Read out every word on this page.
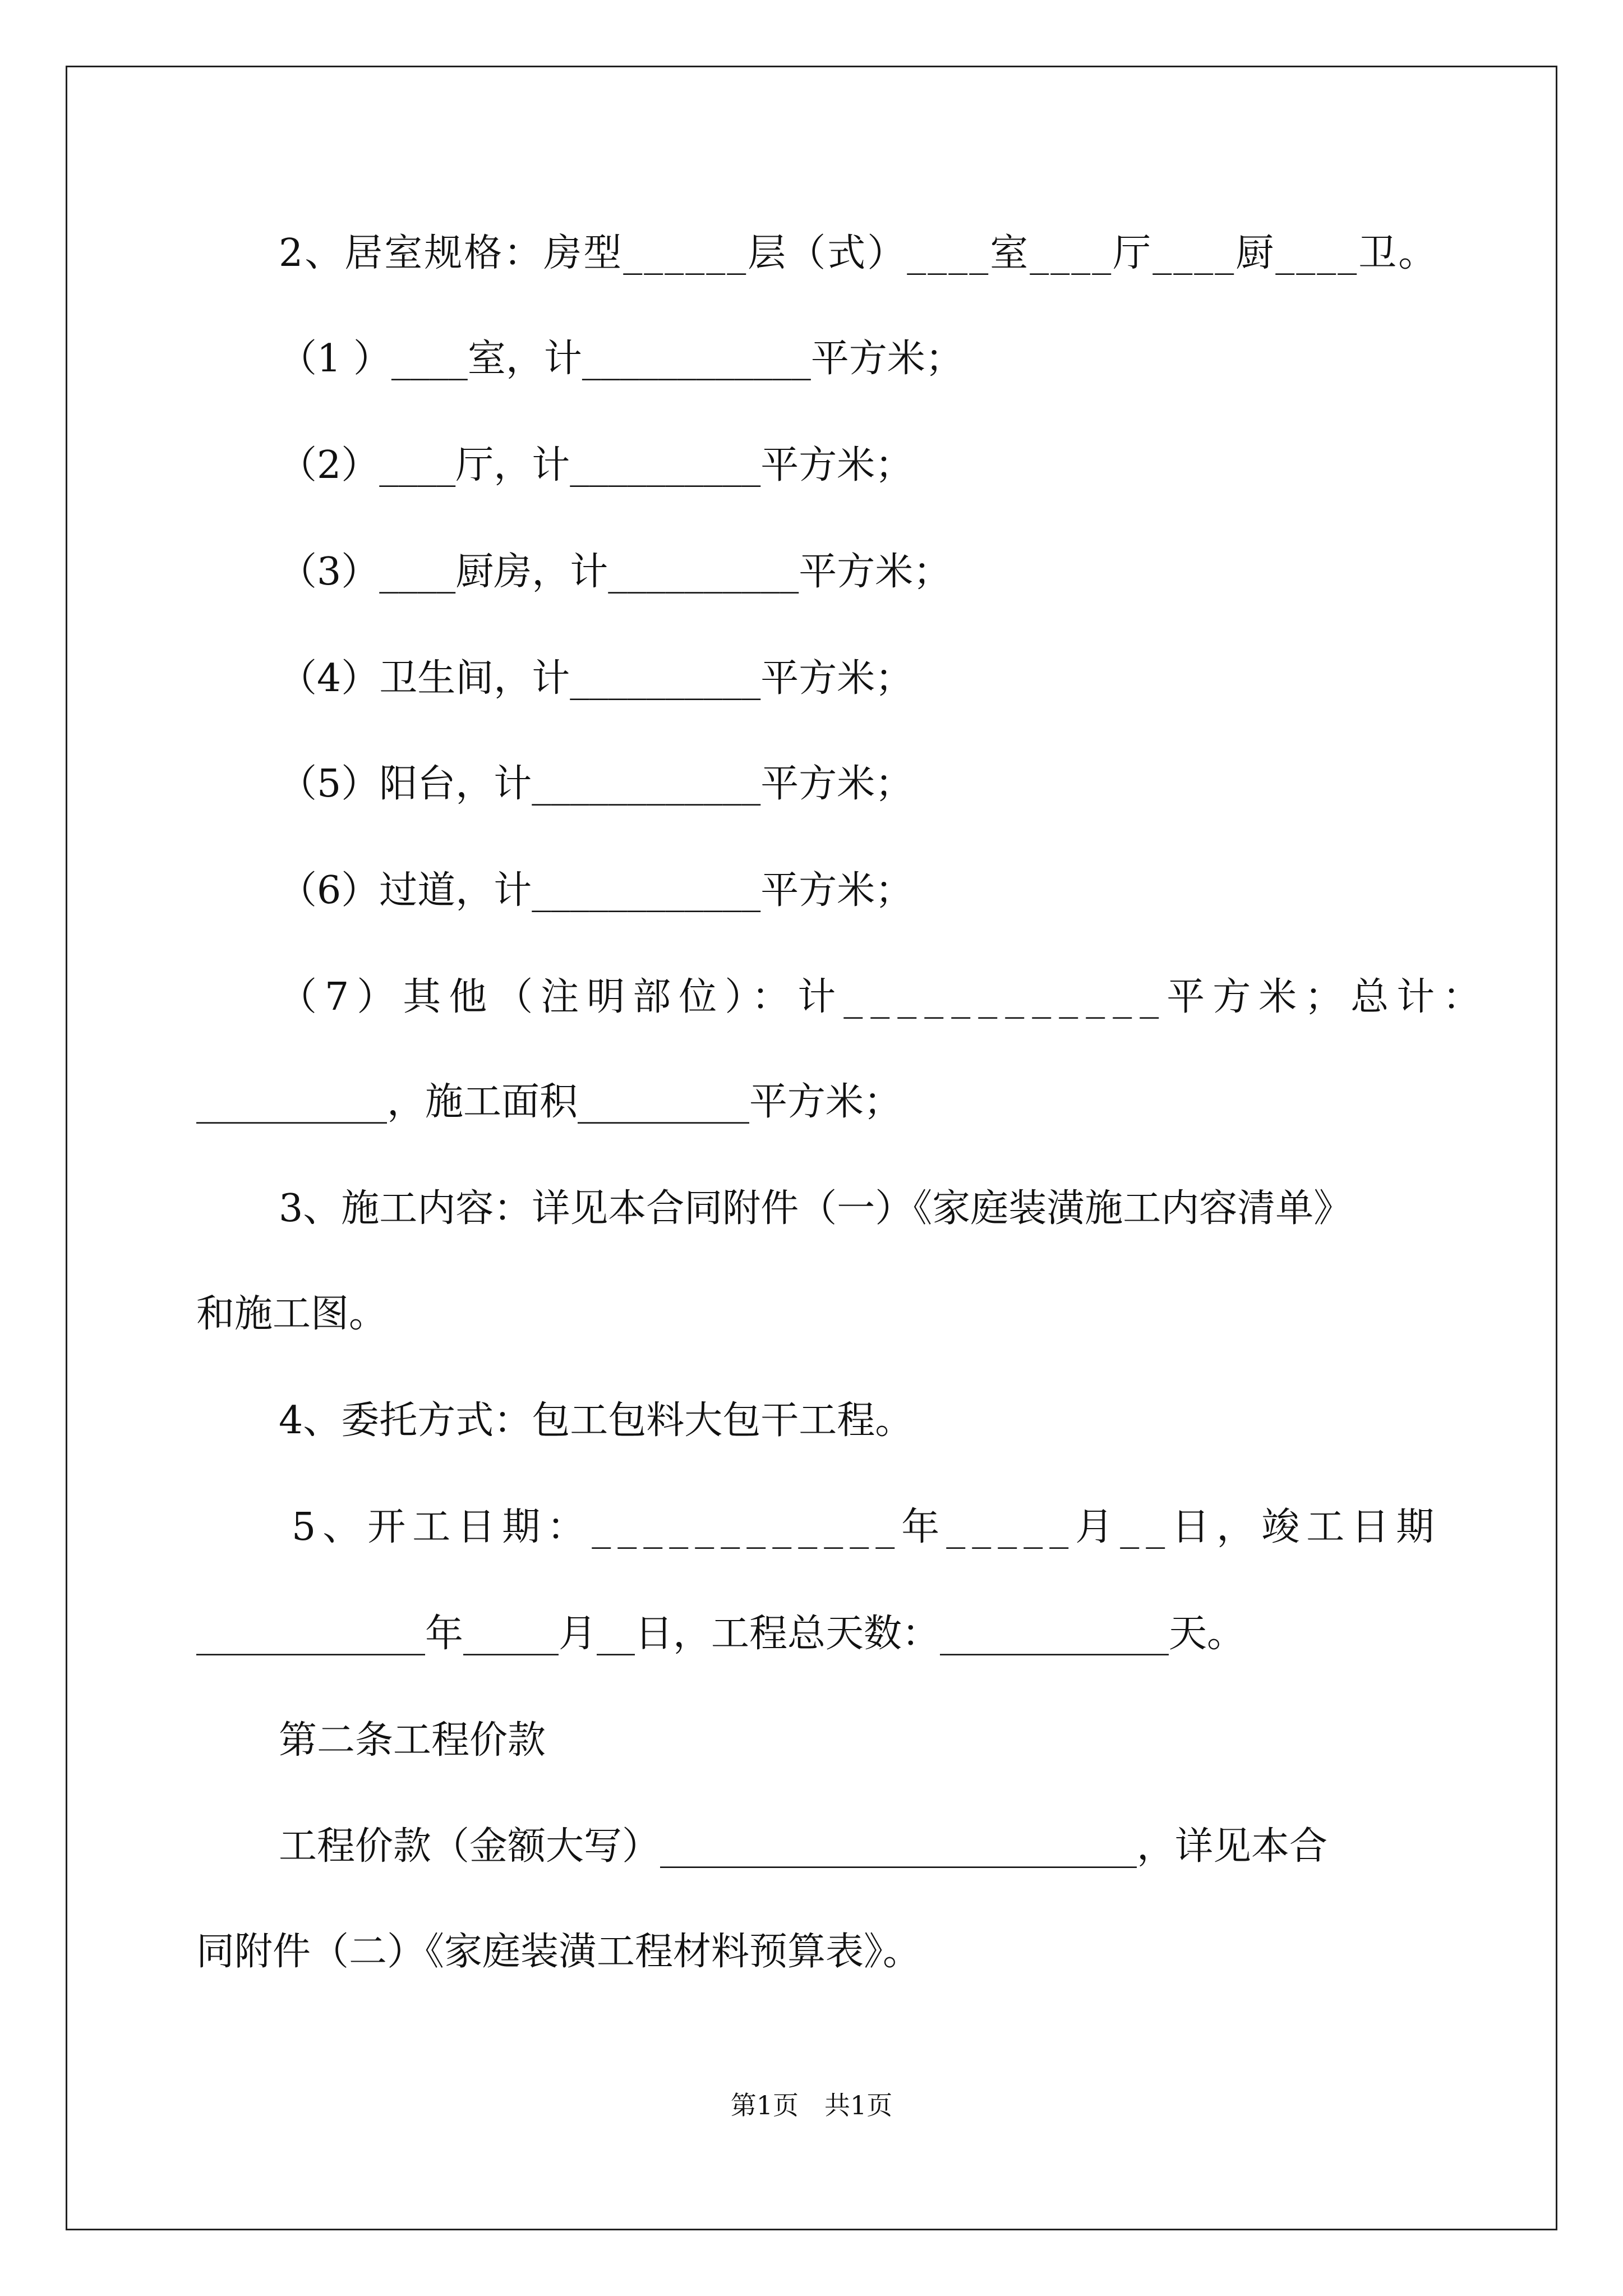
2、居室规格：房型______层（式）____室____厅____厨____卫。
（1 ）____室，计____________平方米；
（2）____厅，计__________平方米；
（3）____厨房，计__________平方米；
（4）卫生间，计__________平方米；
（5）阳台，计____________平方米；
（6）过道，计____________平方米；
（7）其他（注明部位）：计____________平方米；总计：
__________，施工面积_________平方米；
3、施工内容：详见本合同附件（一）《家庭装潢施工内容清单》
和施工图。
4、委托方式：包工包料大包干工程。
5、开工日期：____________年_____月__日，竣工日期
____________年_____月__日，工程总天数：____________天。
第二条工程价款
工程价款（金额大写）_________________________，详见本合
同附件（二）《家庭装潢工程材料预算表》。
第1页　共1页
